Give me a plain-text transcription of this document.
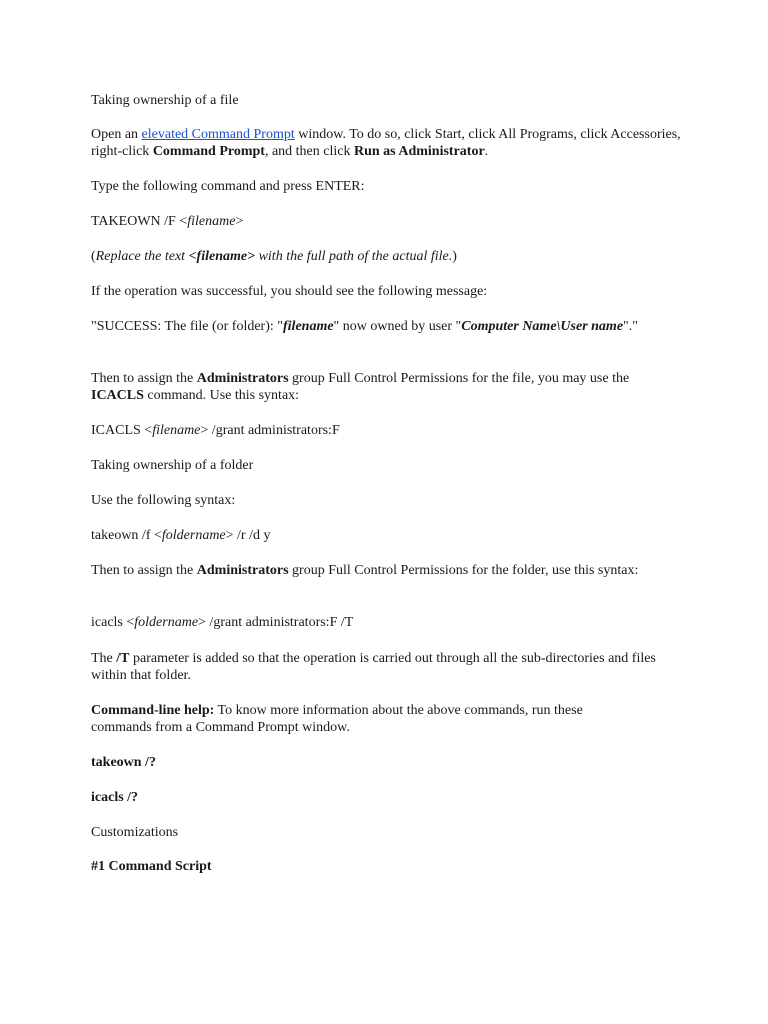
Taking ownership of a file

Open an elevated Command Prompt window. To do so, click Start, click All Programs, click Accessories, right-click Command Prompt, and then click Run as Administrator.

Type the following command and press ENTER:

TAKEOWN /F <filename>

(Replace the text <filename> with the full path of the actual file.)

If the operation was successful, you should see the following message:

"SUCCESS: The file (or folder): "filename" now owned by user "Computer Name\User name"."

Then to assign the Administrators group Full Control Permissions for the file, you may use the ICACLS command. Use this syntax:

ICACLS <filename> /grant administrators:F

Taking ownership of a folder

Use the following syntax:

takeown /f <foldername> /r /d y

Then to assign the Administrators group Full Control Permissions for the folder, use this syntax:

icacls <foldername> /grant administrators:F /T

The /T parameter is added so that the operation is carried out through all the sub-directories and files within that folder.

Command-line help: To know more information about the above commands, run these commands from a Command Prompt window.

takeown /?

icacls /?

Customizations

#1 Command Script
